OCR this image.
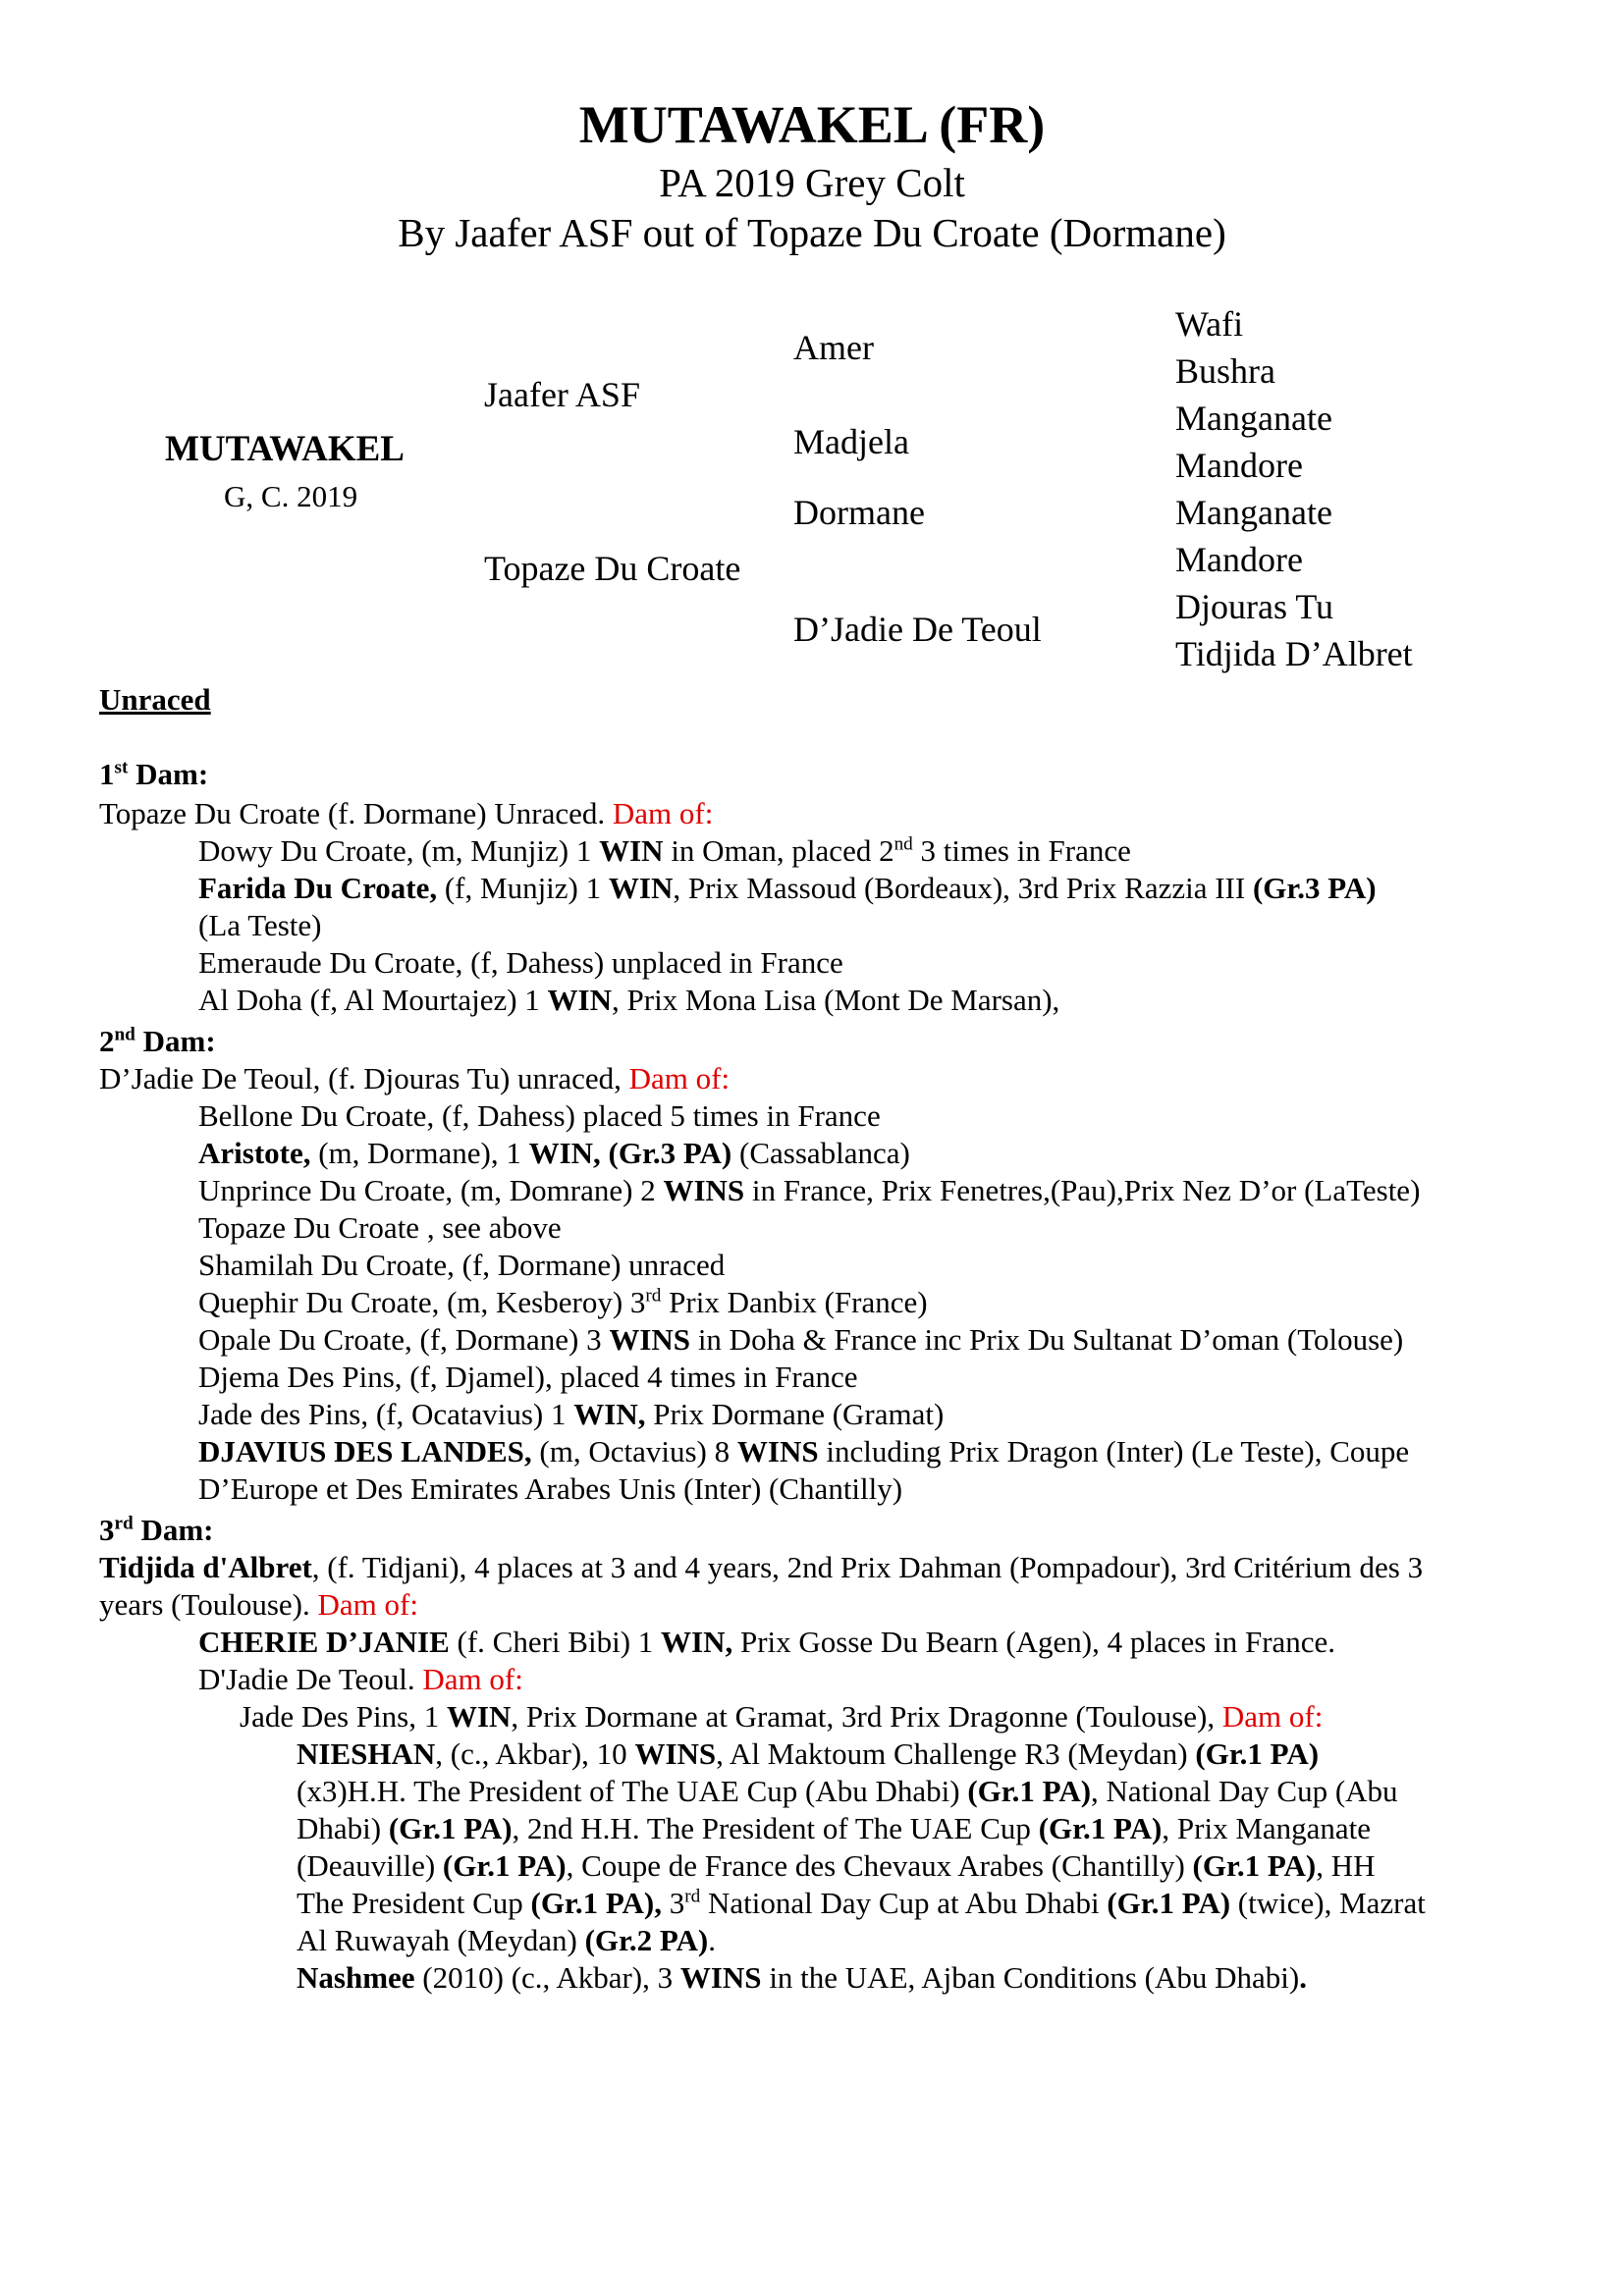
MUTAWAKEL (FR)
PA 2019 Grey Colt
By Jaafer ASF out of Topaze Du Croate (Dormane)
MUTAWAKEL
G, C. 2019
Jaafer ASF
Topaze Du Croate
Amer
Madjela
Dormane
D’Jadie De Teoul
Wafi
Bushra
Manganate
Mandore
Manganate
Mandore
Djouras Tu
Tidjida D’Albret
Unraced
1st Dam:
Topaze Du Croate (f. Dormane) Unraced. Dam of:
Dowy Du Croate, (m, Munjiz) 1 WIN in Oman, placed 2nd 3 times in France
Farida Du Croate, (f, Munjiz) 1 WIN, Prix Massoud (Bordeaux), 3rd Prix Razzia III (Gr.3 PA)
(La Teste)
Emeraude Du Croate, (f, Dahess) unplaced in France
Al Doha (f, Al Mourtajez) 1 WIN, Prix Mona Lisa (Mont De Marsan),
2nd Dam:
D’Jadie De Teoul, (f. Djouras Tu) unraced, Dam of:
Bellone Du Croate, (f, Dahess) placed 5 times in France
Aristote, (m, Dormane), 1 WIN, (Gr.3 PA) (Cassablanca)
Unprince Du Croate, (m, Domrane) 2 WINS in France, Prix Fenetres,(Pau),Prix Nez D’or (LaTeste)
Topaze Du Croate , see above
Shamilah Du Croate, (f, Dormane) unraced
Quephir Du Croate, (m, Kesberoy) 3rd Prix Danbix (France)
Opale Du Croate, (f, Dormane) 3 WINS in Doha & France inc Prix Du Sultanat D’oman (Tolouse)
Djema Des Pins, (f, Djamel), placed 4 times in France
Jade des Pins, (f, Ocatavius) 1 WIN, Prix Dormane (Gramat)
DJAVIUS DES LANDES, (m, Octavius) 8 WINS including Prix Dragon (Inter) (Le Teste), Coupe
D’Europe et Des Emirates Arabes Unis (Inter) (Chantilly)
3rd Dam:
Tidjida d'Albret, (f. Tidjani), 4 places at 3 and 4 years, 2nd Prix Dahman (Pompadour), 3rd Critérium des 3
years (Toulouse). Dam of:
CHERIE D’JANIE (f. Cheri Bibi) 1 WIN, Prix Gosse Du Bearn (Agen), 4 places in France.
D'Jadie De Teoul. Dam of:
Jade Des Pins, 1 WIN, Prix Dormane at Gramat, 3rd Prix Dragonne (Toulouse), Dam of:
NIESHAN, (c., Akbar), 10 WINS, Al Maktoum Challenge R3 (Meydan) (Gr.1 PA)
(x3)H.H. The President of The UAE Cup (Abu Dhabi) (Gr.1 PA), National Day Cup (Abu
Dhabi) (Gr.1 PA), 2nd H.H. The President of The UAE Cup (Gr.1 PA), Prix Manganate
(Deauville) (Gr.1 PA), Coupe de France des Chevaux Arabes (Chantilly) (Gr.1 PA), HH
The President Cup (Gr.1 PA), 3rd National Day Cup at Abu Dhabi (Gr.1 PA) (twice), Mazrat
Al Ruwayah (Meydan) (Gr.2 PA).
Nashmee (2010) (c., Akbar), 3 WINS in the UAE, Ajban Conditions (Abu Dhabi).
